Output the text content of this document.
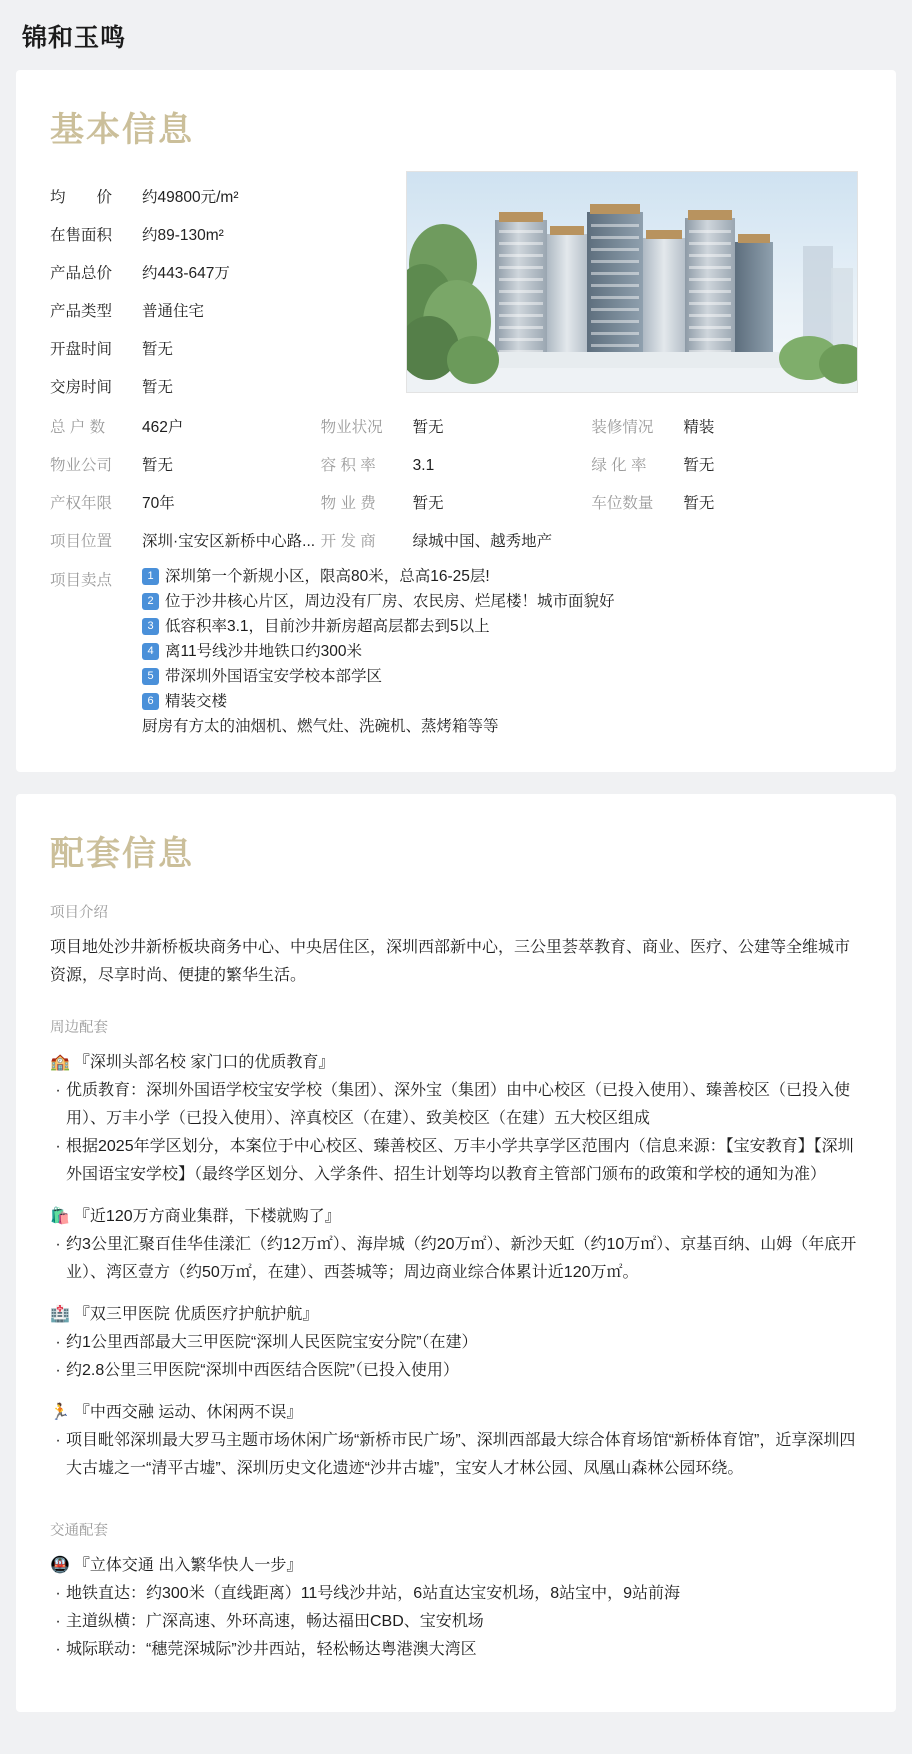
锦和玉鸣
基本信息
均　　价	约49800元/m²
在售面积	约89-130m²
产品总价	约443-647万
产品类型	普通住宅
开盘时间	暂无
交房时间	暂无
总 户 数	462户	物业状况	暂无	装修情况	精装
物业公司	暂无	容 积 率	3.1	绿 化 率	暂无
产权年限	70年	物 业 费	暂无	车位数量	暂无
项目位置	深圳·宝安区新桥中心路... 开 发 商	绿城中国、越秀地产
项目卖点	1 深圳第一个新规小区，限高80米，总高16-25层!
2 位于沙井核心片区，周边没有厂房、农民房、烂尾楼！城市面貌好
3 低容积率3.1，目前沙井新房超高层都去到5以上
4 离11号线沙井地铁口约300米
5 带深圳外国语宝安学校本部学区
6 精装交楼
厨房有方太的油烟机、燃气灶、洗碗机、蒸烤箱等等
配套信息
项目介绍

项目地处沙井新桥板块商务中心、中央居住区，深圳西部新中心，三公里荟萃教育、商业、医疗、公建等全维城市资源，尽享时尚、便捷的繁华生活。

周边配套
🏫 『深圳头部名校 家门口的优质教育』
· 优质教育：深圳外国语学校宝安学校（集团）、深外宝（集团）由中心校区（已投入使用）、臻善校区（已投入使用）、万丰小学（已投入使用）、淬真校区（在建）、致美校区（在建）五大校区组成
· 根据2025年学区划分，本案位于中心校区、臻善校区、万丰小学共享学区范围内（信息来源：【宝安教育】【深圳外国语宝安学校】（最终学区划分、入学条件、招生计划等均以教育主管部门颁布的政策和学校的通知为准）
🛍️ 『近120万方商业集群，下楼就购了』
· 约3公里汇聚百佳华佳漾汇（约12万㎡）、海岸城（约20万㎡）、新沙天虹（约10万㎡）、京基百纳、山姆（年底开业）、湾区壹方（约50万㎡，在建）、西荟城等；周边商业综合体累计近120万㎡。
🏥 『双三甲医院 优质医疗护航护航』
· 约1公里西部最大三甲医院“深圳人民医院宝安分院”（在建）
· 约2.8公里三甲医院“深圳中西医结合医院”（已投入使用）
🏃 『中西交融 运动、休闲两不误』
· 项目毗邻深圳最大罗马主题市场休闲广场“新桥市民广场”、深圳西部最大综合体育场馆“新桥体育馆”，近享深圳四大古墟之一“清平古墟”、深圳历史文化遗迹“沙井古墟”，宝安人才林公园、凤凰山森林公园环绕。
交通配套
🚇 『立体交通 出入繁华快人一步』
· 地铁直达：约300米（直线距离）11号线沙井站，6站直达宝安机场，8站宝中，9站前海
· 主道纵横：广深高速、外环高速，畅达福田CBD、宝安机场
· 城际联动：“穗莞深城际”沙井西站，轻松畅达粤港澳大湾区
